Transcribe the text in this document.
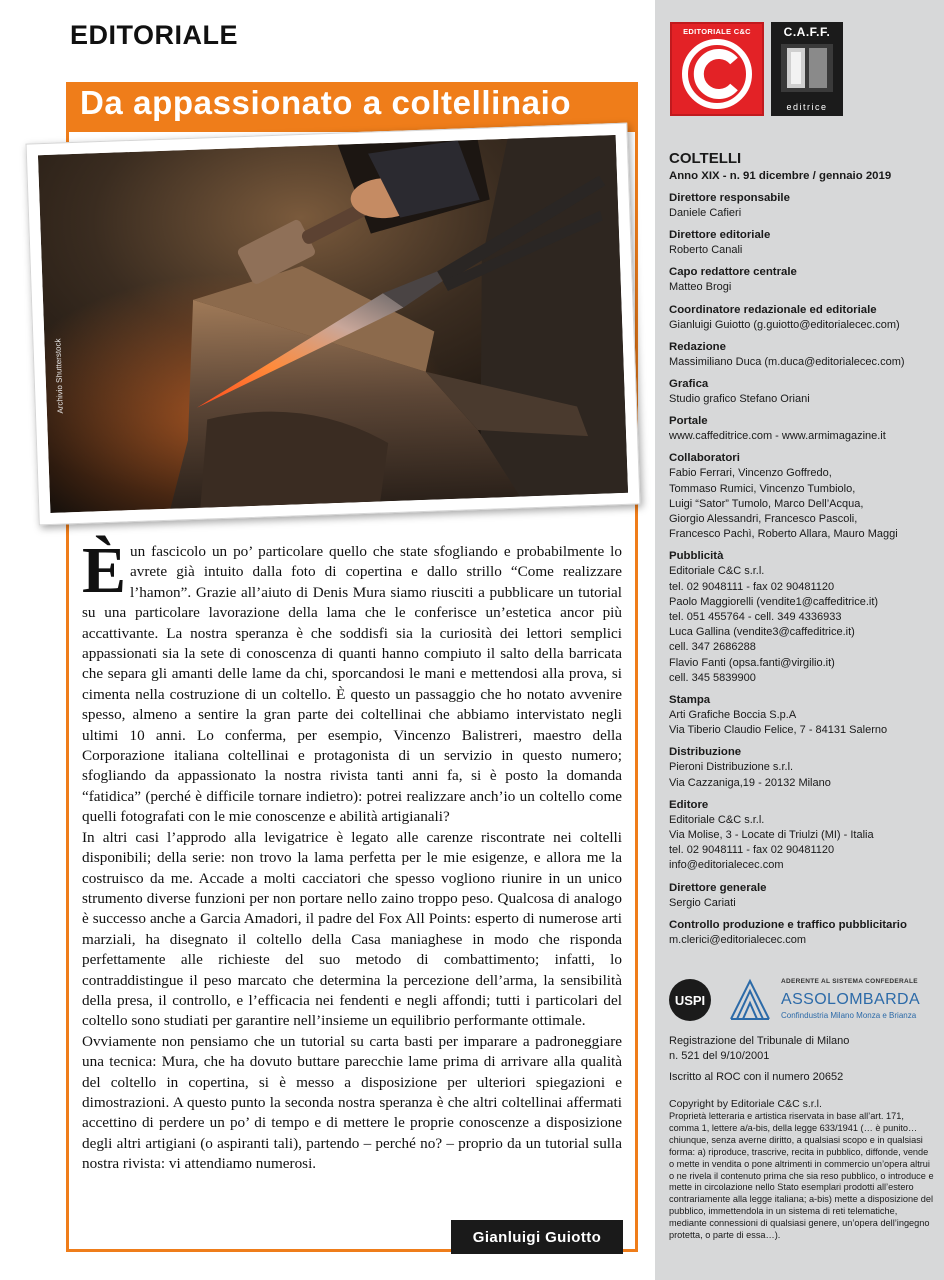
EDITORIALE
Da appassionato a coltellinaio
Archivio Shutterstock

È un fascicolo un po’ particolare quello che state sfogliando e probabilmente lo avrete già intuito dalla foto di copertina e dallo strillo “Come realizzare l’hamon”. Grazie all’aiuto di Denis Mura siamo riusciti a pubblicare un tutorial su una particolare lavorazione della lama che le conferisce un’estetica ancor più accattivante. La nostra speranza è che soddisfi sia la curiosità dei lettori semplici appassionati sia la sete di conoscenza di quanti hanno compiuto il salto della barricata che separa gli amanti delle lame da chi, sporcandosi le mani e mettendosi alla prova, si cimenta nella costruzione di un coltello. È questo un passaggio che ho notato avvenire spesso, almeno a sentire la gran parte dei coltellinai che abbiamo intervistato negli ultimi 10 anni. Lo conferma, per esempio, Vincenzo Balistreri, maestro della Corporazione italiana coltellinai e protagonista di un servizio in questo numero; sfogliando da appassionato la nostra rivista tanti anni fa, si è posto la domanda “fatidica” (perché è difficile tornare indietro): potrei realizzare anch’io un coltello come quelli fotografati con le mie conoscenze e abilità artigianali?

In altri casi l’approdo alla levigatrice è legato alle carenze riscontrate nei coltelli disponibili; della serie: non trovo la lama perfetta per le mie esigenze, e allora me la costruisco da me. Accade a molti cacciatori che spesso vogliono riunire in un unico strumento diverse funzioni per non portare nello zaino troppo peso. Qualcosa di analogo è successo anche a Garcia Amadori, il padre del Fox All Points: esperto di numerose arti marziali, ha disegnato il coltello della Casa maniaghese in modo che risponda perfettamente alle richieste del suo metodo di combattimento; infatti, lo contraddistingue il peso marcato che determina la percezione dell’arma, la sensibilità della presa, il controllo, e l’efficacia nei fendenti e negli affondi; tutti i particolari del coltello sono studiati per garantire nell’insieme un equilibrio performante ottimale.

Ovviamente non pensiamo che un tutorial su carta basti per imparare a padroneggiare una tecnica: Mura, che ha dovuto buttare parecchie lame prima di arrivare alla qualità del coltello in copertina, si è messo a disposizione per ulteriori spiegazioni e dimostrazioni. A questo punto la seconda nostra speranza è che altri coltellinai affermati accettino di perdere un po’ di tempo e di mettere le proprie conoscenze a disposizione degli altri artigiani (o aspiranti tali), partendo – perché no? – proprio da un tutorial sulla nostra rivista: vi attendiamo numerosi.

Gianluigi Guiotto
EDITORIALE C&C	C.A.F.F.
editrice
COLTELLI
Anno XIX - n. 91 dicembre / gennaio 2019
Direttore responsabile
Daniele Cafieri
Direttore editoriale
Roberto Canali
Capo redattore centrale
Matteo Brogi
Coordinatore redazionale ed editoriale
Gianluigi Guiotto (g.guiotto@editorialecec.com)
Redazione
Massimiliano Duca (m.duca@editorialecec.com)
Grafica
Studio grafico Stefano Oriani
Portale
www.caffeditrice.com - www.armimagazine.it
Collaboratori
Fabio Ferrari, Vincenzo Goffredo,
Tommaso Rumici, Vincenzo Tumbiolo,
Luigi “Sator” Tumolo, Marco Dell’Acqua,
Giorgio Alessandri, Francesco Pascoli,
Francesco Pachì, Roberto Allara, Mauro Maggi
Pubblicità
Editoriale C&C s.r.l.
tel. 02 9048111 - fax 02 90481120
Paolo Maggiorelli (vendite1@caffeditrice.it)
tel. 051 455764 - cell. 349 4336933
Luca Gallina (vendite3@caffeditrice.it)
cell. 347 2686288
Flavio Fanti (opsa.fanti@virgilio.it)
cell. 345 5839900
Stampa
Arti Grafiche Boccia S.p.A
Via Tiberio Claudio Felice, 7 - 84131 Salerno
Distribuzione
Pieroni Distribuzione s.r.l.
Via Cazzaniga,19 - 20132 Milano
Editore
Editoriale C&C s.r.l.
Via Molise, 3 - Locate di Triulzi (MI) - Italia
tel. 02 9048111 - fax 02 90481120
info@editorialecec.com
Direttore generale
Sergio Cariati
Controllo produzione e traffico pubblicitario
m.clerici@editorialecec.com
USPI
ADERENTE AL SISTEMA CONFEDERALE
ASSOLOMBARDA
Confindustria Milano Monza e Brianza
Registrazione del Tribunale di Milano
n. 521 del 9/10/2001
Iscritto al ROC con il numero 20652
Copyright by Editoriale C&C s.r.l.
Proprietà letteraria e artistica riservata in base all’art. 171, comma 1, lettere a/a-bis, della legge 633/1941 (… è punito… chiunque, senza averne diritto, a qualsiasi scopo e in qualsiasi forma: a) riproduce, trascrive, recita in pubblico, diffonde, vende o mette in vendita o pone altrimenti in commercio un’opera altrui o ne rivela il contenuto prima che sia reso pubblico, o introduce e mette in circolazione nello Stato esemplari prodotti all’estero contrariamente alla legge italiana; a-bis) mette a disposizione del pubblico, immettendola in un sistema di reti telematiche, mediante connessioni di qualsiasi genere, un’opera dell’ingegno protetta, o parte di essa…).
